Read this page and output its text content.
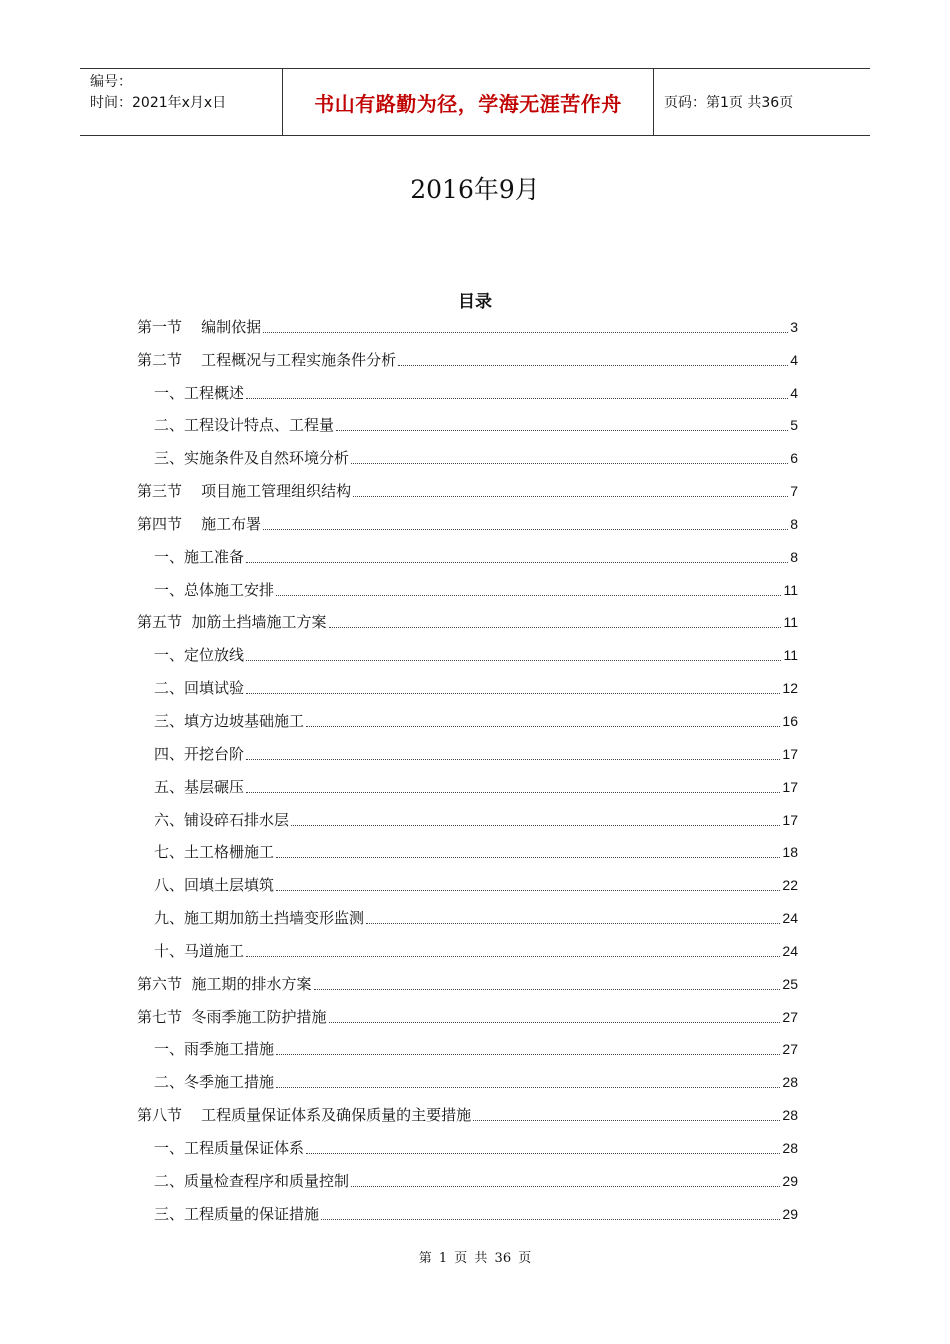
编号：
时间：2021年x月x日	书山有路勤为径，学海无涯苦作舟	页码：第1页 共36页
2016年9月
目录
第一节    编制依据	3
第二节    工程概况与工程实施条件分析	4
一、工程概述	4
二、工程设计特点、工程量	5
三、实施条件及自然环境分析	6
第三节    项目施工管理组织结构	7
第四节    施工布署	8
一、施工准备	8
一、总体施工安排	11
第五节  加筋土挡墙施工方案	11
一、定位放线	11
二、回填试验	12
三、填方边坡基础施工	16
四、开挖台阶	17
五、基层碾压	17
六、铺设碎石排水层	17
七、土工格栅施工	18
八、回填土层填筑	22
九、施工期加筋土挡墙变形监测	24
十、马道施工	24
第六节  施工期的排水方案	25
第七节  冬雨季施工防护措施	27
一、雨季施工措施	27
二、冬季施工措施	28
第八节    工程质量保证体系及确保质量的主要措施	28
一、工程质量保证体系	28
二、质量检查程序和质量控制	29
三、工程质量的保证措施	29
第 1 页 共 36 页
